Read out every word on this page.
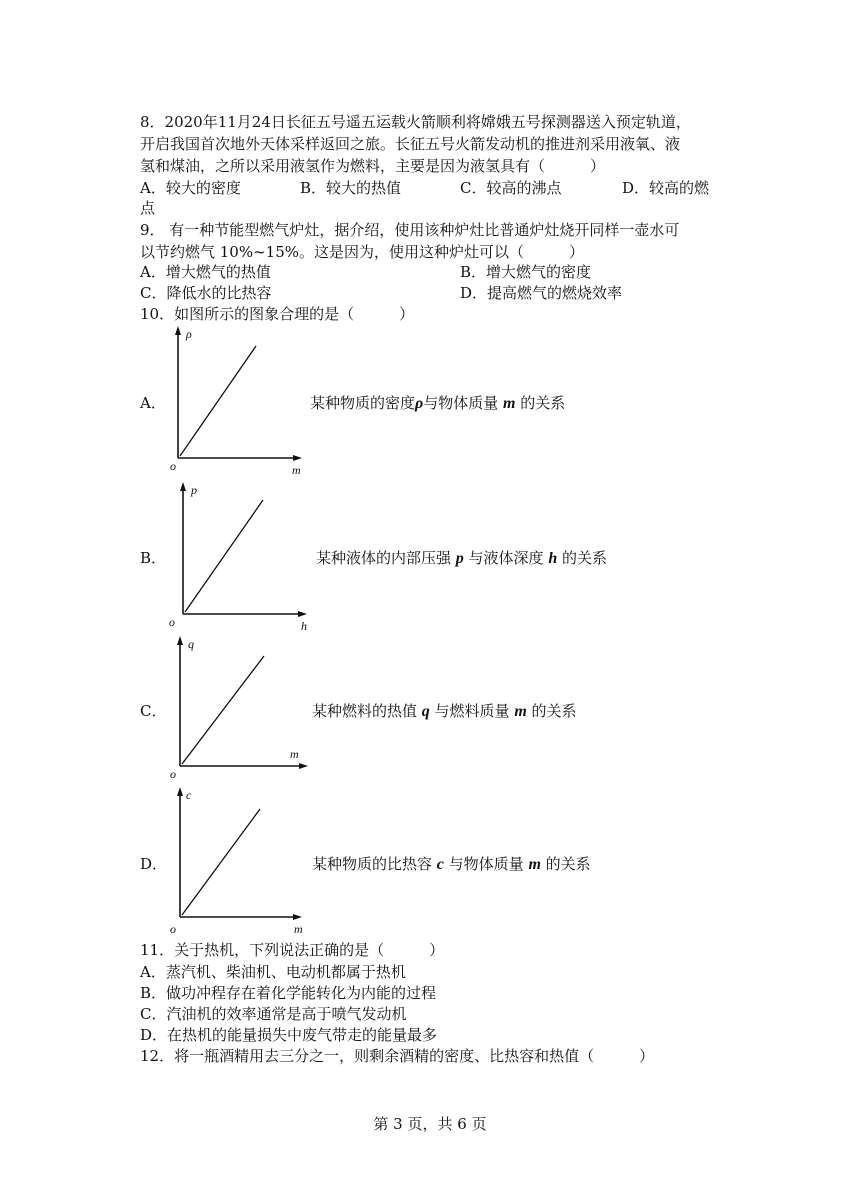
8．2020年11月24日长征五号遥五运载火箭顺利将嫦娥五号探测器送入预定轨道，
开启我国首次地外天体采样返回之旅。长征五号火箭发动机的推进剂采用液氧、液
氢和煤油，之所以采用液氢作为燃料，主要是因为液氢具有（　　　）
A．较大的密度	B．较大的热值	C．较高的沸点	D．较高的燃
点
9． 有一种节能型燃气炉灶，据介绍，使用该种炉灶比普通炉灶烧开同样一壶水可
以节约燃气 10%~15%。这是因为，使用这种炉灶可以（　　　）
A．增大燃气的热值	B．增大燃气的密度
C．降低水的比热容	D．提高燃气的燃烧效率
10．如图所示的图象合理的是（　　　）
A．
ρ
m
o
某种物质的密度ρ与物体质量 m 的关系
B．
p
h
o
某种液体的内部压强 p 与液体深度 h 的关系
C．
q
m
o
某种燃料的热值 q 与燃料质量 m 的关系
D．
c
m
o
某种物质的比热容 c 与物体质量 m 的关系
11．关于热机，下列说法正确的是（　　　）
A．蒸汽机、柴油机、电动机都属于热机
B．做功冲程存在着化学能转化为内能的过程
C．汽油机的效率通常是高于喷气发动机
D．在热机的能量损失中废气带走的能量最多
12．将一瓶酒精用去三分之一，则剩余酒精的密度、比热容和热值（　　　）
第 3 页，共 6 页
